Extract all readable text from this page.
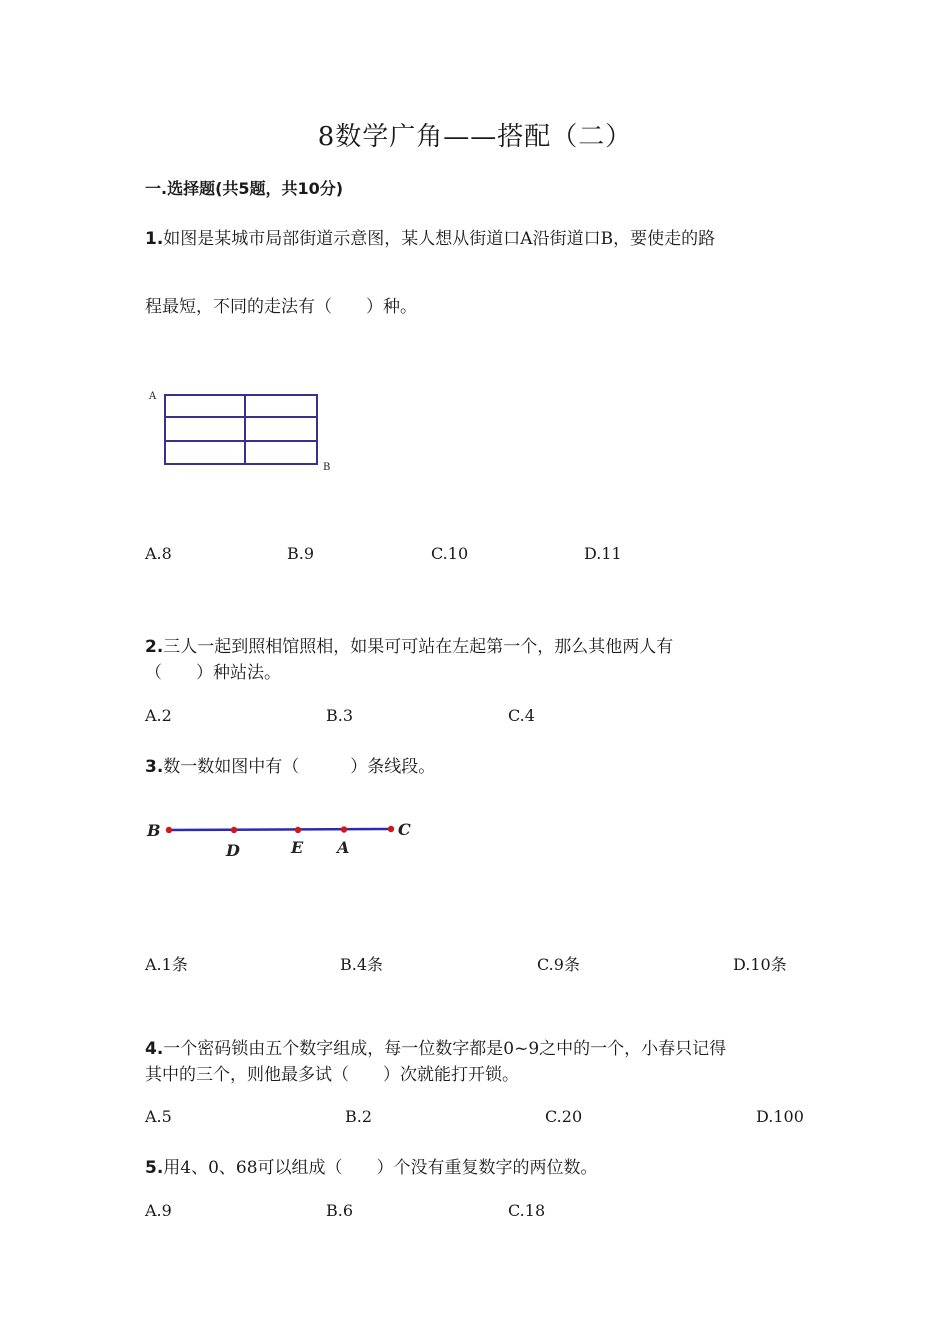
8数学广角——搭配（二）
一.选择题(共5题，共10分)
1.如图是某城市局部街道示意图，某人想从街道口A沿街道口B，要使走的路
程最短，不同的走法有（　　）种。
A
B
A.8	B.9	C.10	D.11
2.三人一起到照相馆照相，如果可可站在左起第一个，那么其他两人有
（　　）种站法。
A.2	B.3	C.4
3.数一数如图中有（　　　）条线段。
B
D	E A
C
A.1条	B.4条	C.9条	D.10条
4.一个密码锁由五个数字组成，每一位数字都是0~9之中的一个，小春只记得
其中的三个，则他最多试（　　）次就能打开锁。
A.5	B.2	C.20	D.100
5.用4、0、68可以组成（　　）个没有重复数字的两位数。
A.9	B.6	C.18
